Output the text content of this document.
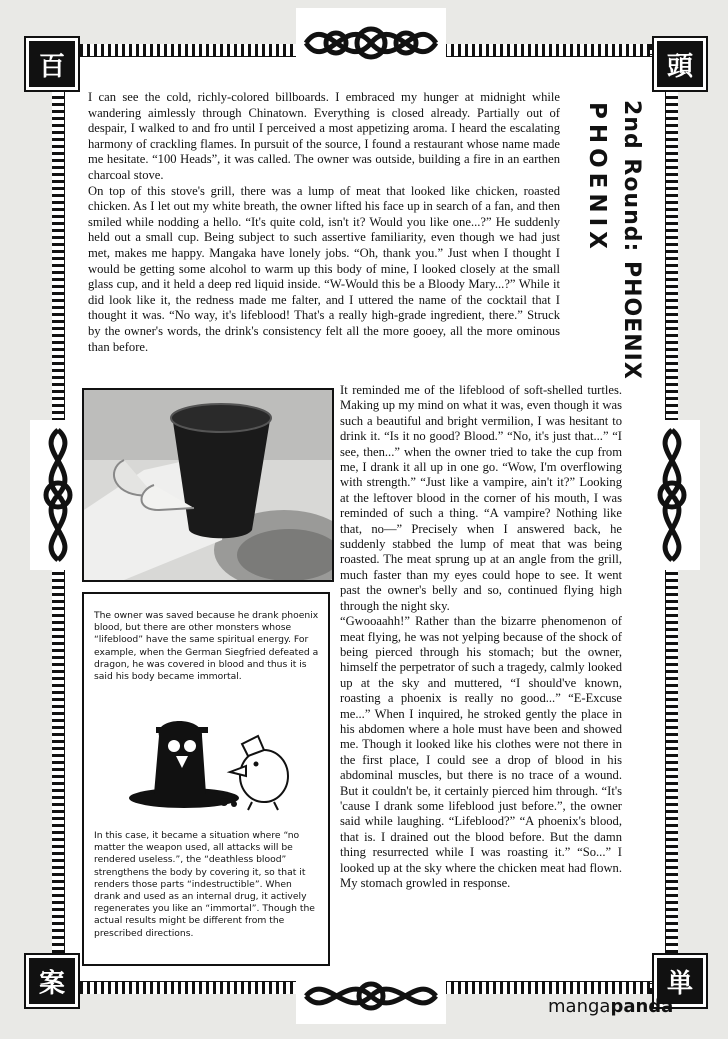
百	頭
案	単
2nd Round: PHOENIX
PHOENIX

I can see the cold, richly-colored billboards. I embraced my hunger at midnight while wandering aimlessly through Chinatown. Everything is closed already. Partially out of despair, I walked to and fro until I perceived a most appetizing aroma. I heard the escalating harmony of crackling flames. In pursuit of the source, I found a restaurant whose name made me hesitate. “100 Heads”, it was called. The owner was outside, building a fire in an earthen charcoal stove.

On top of this stove's grill, there was a lump of meat that looked like chicken, roasted chicken. As I let out my white breath, the owner lifted his face up in search of a fan, and then smiled while nodding a hello. “It's quite cold, isn't it? Would you like one...?” He suddenly held out a small cup. Being subject to such assertive familiarity, even though we had just met, makes me happy. Mangaka have lonely jobs. “Oh, thank you.” Just when I thought I would be getting some alcohol to warm up this body of mine, I looked closely at the small glass cup, and it held a deep red liquid inside. “W-Would this be a Bloody Mary...?” While it did look like it, the redness made me falter, and I uttered the name of the cocktail that I thought it was. “No way, it's lifeblood! That's a really high-grade ingredient, there.” Struck by the owner's words, the drink's consistency felt all the more gooey, all the more ominous than before.

The owner was saved because he drank phoenix blood, but there are other monsters whose “lifeblood” have the same spiritual energy. For example, when the German Siegfried defeated a dragon, he was covered in blood and thus it is said his body became immortal.
In this case, it became a situation where “no matter the weapon used, all attacks will be rendered useless.”, the “deathless blood” strengthens the body by covering it, so that it renders those parts “indestructible”. When drank and used as an internal drug, it actively regenerates you like an “immortal”. Though the actual results might be different from the prescribed directions.

It reminded me of the lifeblood of soft-shelled turtles. Making up my mind on what it was, even though it was such a beautiful and bright vermilion, I was hesitant to drink it. “Is it no good? Blood.” “No, it's just that...” “I see, then...” when the owner tried to take the cup from me, I drank it all up in one go. “Wow, I'm overflowing with strength.” “Just like a vampire, ain't it?” Looking at the leftover blood in the corner of his mouth, I was reminded of such a thing. “A vampire? Nothing like that, no—” Precisely when I answered back, he suddenly stabbed the lump of meat that was being roasted. The meat sprung up at an angle from the grill, much faster than my eyes could hope to see. It went past the owner's belly and so, continued flying high through the night sky.

“Gwooaahh!” Rather than the bizarre phenomenon of meat flying, he was not yelping because of the shock of being pierced through his stomach; but the owner, himself the perpetrator of such a tragedy, calmly looked up at the sky and muttered, “I should've known, roasting a phoenix is really no good...” “E-Excuse me...” When I inquired, he stroked gently the place in his abdomen where a hole must have been and showed me. Though it looked like his clothes were not there in the first place, I could see a drop of blood in his abdominal muscles, but there is no trace of a wound. But it couldn't be, it certainly pierced him through. “It's 'cause I drank some lifeblood just before.”, the owner said while laughing. “Lifeblood?” “A phoenix's blood, that is. I drained out the blood before. But the damn thing resurrected while I was roasting it.” “So...” I looked up at the sky where the chicken meat had flown. My stomach growled in response.

mangapanda
